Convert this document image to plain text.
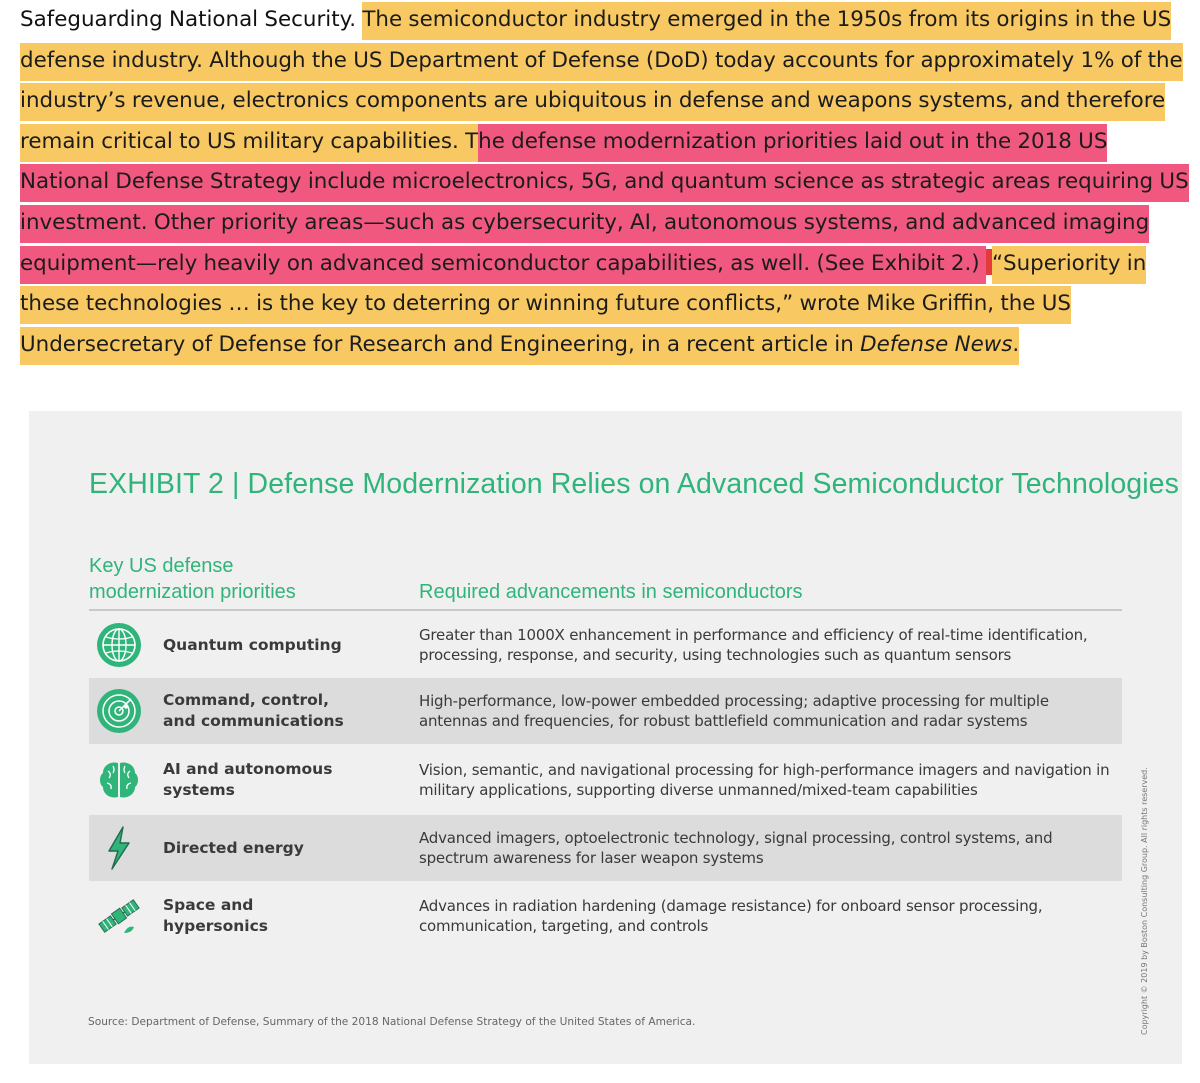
Safeguarding National Security. The semiconductor industry emerged in the 1950s from its origins in the US defense industry. Although the US Department of Defense (DoD) today accounts for approximately 1% of the industry’s revenue, electronics components are ubiquitous in defense and weapons systems, and therefore remain critical to US military capabilities. The defense modernization priorities laid out in the 2018 US National Defense Strategy include microelectronics, 5G, and quantum science as strategic areas requiring US investment. Other priority areas—such as cybersecurity, AI, autonomous systems, and advanced imaging equipment—rely heavily on advanced semiconductor capabilities, as well. (See Exhibit 2.) “Superiority in these technologies … is the key to deterring or winning future conflicts,” wrote Mike Griffin, the US Undersecretary of Defense for Research and Engineering, in a recent article in Defense News.
EXHIBIT 2 | Defense Modernization Relies on Advanced Semiconductor Technologies
Key US defense modernization priorities	Required advancements in semiconductors
Quantum computing
Greater than 1000X enhancement in performance and efficiency of real-time identification, processing, response, and security, using technologies such as quantum sensors
Command, control, and communications
High-performance, low-power embedded processing; adaptive processing for multiple antennas and frequencies, for robust battlefield communication and radar systems
AI and autonomous systems
Vision, semantic, and navigational processing for high-performance imagers and navigation in military applications, supporting diverse unmanned/mixed-team capabilities
Directed energy
Advanced imagers, optoelectronic technology, signal processing, control systems, and spectrum awareness for laser weapon systems
Space and hypersonics
Advances in radiation hardening (damage resistance) for onboard sensor processing, communication, targeting, and controls
Source: Department of Defense, Summary of the 2018 National Defense Strategy of the United States of America.	Copyright © 2019 by Boston Consulting Group. All rights reserved.
